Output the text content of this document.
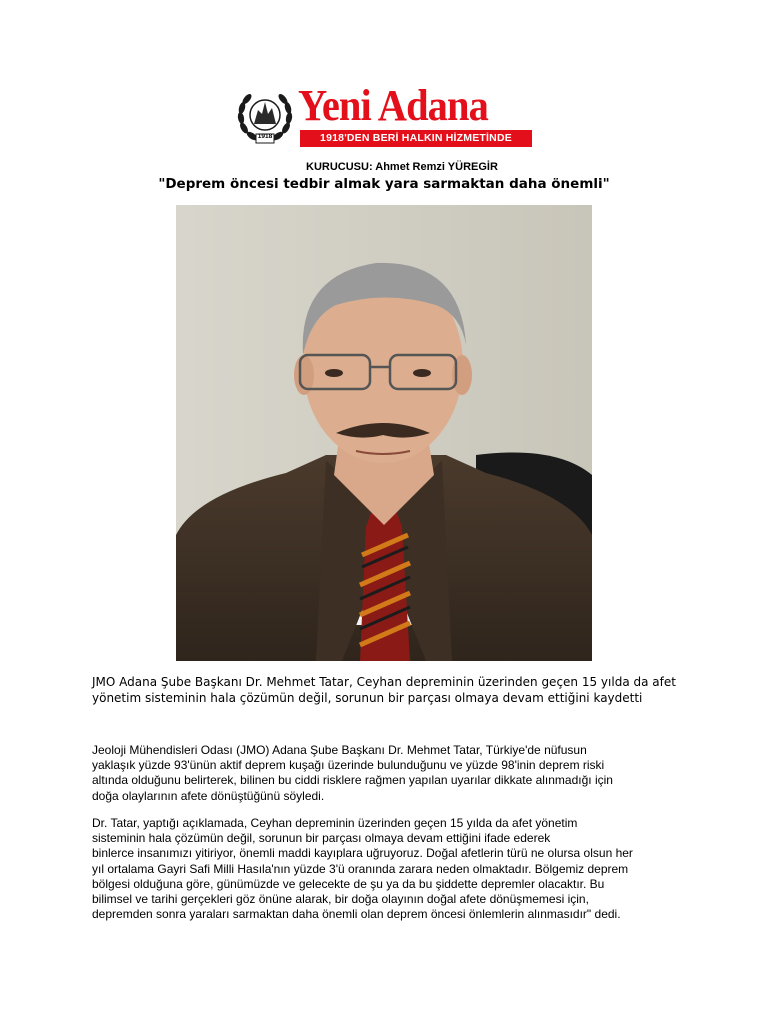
1918
Yeni Adana
1918'DEN BERİ HALKIN HİZMETİNDE
KURUCUSU: Ahmet Remzi YÜREGİR
"Deprem öncesi tedbir almak yara sarmaktan daha önemli"
JMO Adana Şube Başkanı Dr. Mehmet Tatar, Ceyhan depreminin üzerinden geçen 15 yılda da afet yönetim sisteminin hala çözümün değil, sorunun bir parçası olmaya devam ettiğini kaydetti
Jeoloji Mühendisleri Odası (JMO) Adana Şube Başkanı Dr. Mehmet Tatar, Türkiye'de nüfusun
yaklaşık yüzde 93'ünün aktif deprem kuşağı üzerinde bulunduğunu ve yüzde 98'inin deprem riski
altında olduğunu belirterek, bilinen bu ciddi risklere rağmen yapılan uyarılar dikkate alınmadığı için
doğa olaylarının afete dönüştüğünü söyledi.
Dr. Tatar, yaptığı açıklamada, Ceyhan depreminin üzerinden geçen 15 yılda da afet yönetim
sisteminin hala çözümün değil, sorunun bir parçası olmaya devam ettiğini ifade ederek
binlerce insanımızı yitiriyor, önemli maddi kayıplara uğruyoruz. Doğal afetlerin türü ne olursa olsun her
yıl ortalama Gayri Safi Milli Hasıla'nın yüzde 3'ü oranında zarara neden olmaktadır. Bölgemiz deprem
bölgesi olduğuna göre, günümüzde ve gelecekte de şu ya da bu şiddette depremler olacaktır. Bu
bilimsel ve tarihi gerçekleri göz önüne alarak, bir doğa olayının doğal afete dönüşmemesi için,
depremden sonra yaraları sarmaktan daha önemli olan deprem öncesi önlemlerin alınmasıdır" dedi.
